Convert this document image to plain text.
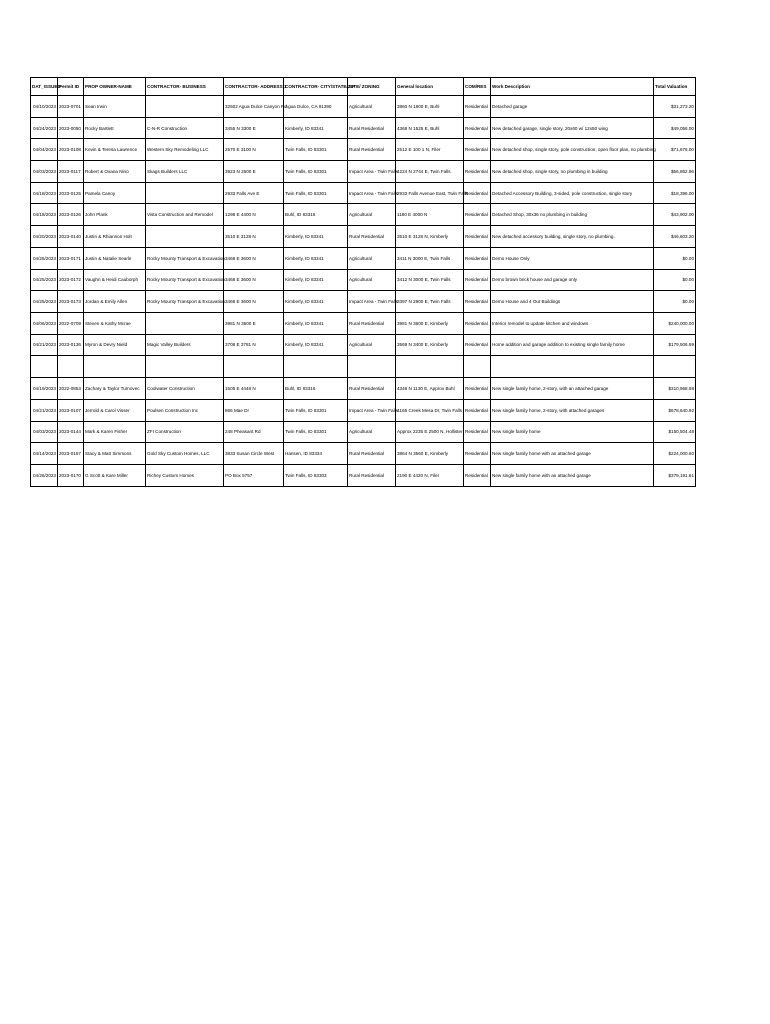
DAT_ISSUED	Permit ID	PROP OWNER-NAME	CONTRACTOR- BUSINESS	CONTRACTOR- ADDRESS 1	CONTRACTOR- CITY/STATE/ZIP	SITE/ ZONING	General location	COM/RES	Work Description	Total Valuation
04/10/2023	2023-0701	Sean Irwin		32502 Agua Dulce Canyon Rd	Agua Dulce, CA 91390	Agricultural	3860 N 1800 E, Buhl	Residential	Detached garage	$31,273.20
04/24/2023	2023-0050	Rocky Bartlett	C-N-R Construction	3455 N 3300 E	Kimberly, ID 83341	Rural Residential	4368 N 1525 E, Buhl	Residential	New detached garage, single story, 20x60 w/ 12x50 wing	$49,056.00
04/04/2023	2023-0108	Kevin & Teresa Lawrence	Western Sky Remodeling LLC	2570 E 3100 N	Twin Falls, ID 83301	Rural Residential	2512 E 100 1 N, Filer	Residential	New detached shop, single story, pole construction, open floor plan, no plumbing	$71,676.00
04/03/2023	2023-0117	Robert & Oxana Nino	Skags Builders LLC	3923 N 2600 E	Twin Falls, ID 83301	Impact Area - Twin Falls	4224 N 2744 E, Twin Falls	Residential	New detached shop, single story, no plumbing in building	$56,862.96
04/18/2023	2023-0125	Pamela Canoy		2933 Falls Ave E	Twin Falls, ID 83301	Impact Area - Twin Falls	2933 Falls Avenue East, Twin Falls	Residential	Detached Accessory Building, 3-sided, pole construction, single story	$18,396.00
04/18/2023	2023-0126	John Plank	Vista Construction and Remodel	1298 E 4400 N	Buhl, ID 83316	Agricultural	1180 E 4000 N	Residential	Detached Shop, 30x36 no plumbing in building	$43,902.00
04/20/2023	2023-0140	Justin & Rhiannon Holt		3510 E 3128 N	Kimberly, ID 83341	Rural Residential	3510 E 3128 N, Kimberly	Residential	New detached accessory building, single story, no plumbing.	$46,603.20
04/25/2023	2023-0171	Justin & Natalie Searle	Rocky Mounty Transport & Excavation	3468 E 3600 N	Kimberly, ID 83341	Agricultural	3411 N 3000 E, Twin Falls	Residential	Demo House Only	$0.00
04/25/2023	2023-0172	Vaughn & Heidi Cauborph	Rocky Mounty Transport & Excavation	3468 E 3600 N	Kimberly, ID 83341	Agricultural	3412 N 3000 E, Twin Falls	Residential	Demo brown brick house and garage only	$0.00
04/25/2023	2023-0173	Jordan & Emily Allen	Rocky Mounty Transport & Excavation	3468 E 3600 N	Kimberly, ID 83341	Impact Area - Twin Falls	3397 N 2900 E, Twin Falls	Residential	Demo House and 4 Out Buildings	$0.00
04/06/2023	2022-0709	Steven & Kathy Mcrae		3981 N 3600 E	Kimberly, ID 83341	Rural Residential	3981 N 3600 E, Kimberly	Residential	Interior remodel to update kitchen and windows	$240,000.00
04/21/2023	2023-0136	Myron & Devry Nield	Magic Valley Builders	3708 E 3781 N	Kimberly, ID 83341	Agricultural	3569 N 3400 E, Kimberly	Residential	Home addition and garage addition to existing single family home	$179,506.69

04/19/2023	2022-0853	Zachary & Taylor Turnovec	Coolwater Construction	1505 E 4448 N	Buhl, ID 83316	Rural Residential	4348 N 1130 E, Approx Buhl	Residential	New single family home, 2-story, with an attached garage	$310,968.98
04/21/2023	2023-0107	Jerrold & Carol Visser	Poulsen Construction Inc	866 Mae Dr	Twin Falls, ID 83301	Impact Area - Twin Falls	4165 Creek Mesa Dr, Twin Falls	Residential	New single family home, 2-story, with attached garages	$678,640.92
04/03/2023	2023-0144	Mark & Karen Fisher	ZFI Construction	248 Pheasant Rd	Twin Falls, ID 83301	Agricultural	Approx 2235 E 2500 N, Hollister	Residential	New single family home	$150,504.48
04/14/2023	2023-0157	Stacy & Matt Simmons	Gold Sky Custom Homes, LLC	3833 Susan Circle West	Hansen, ID 83334	Rural Residential	3864 N 3560 E, Kimberly	Residential	New single family home with an attached garage	$224,000.60
04/26/2023	2023-0170	G Scott & Kare Miller	Richey Custom Homes	PO Box 5757	Twin Falls, ID 83303	Rural Residential	2190 E 4420 N, Filer	Residential	New single family home with an attached garage	$379,191.61
